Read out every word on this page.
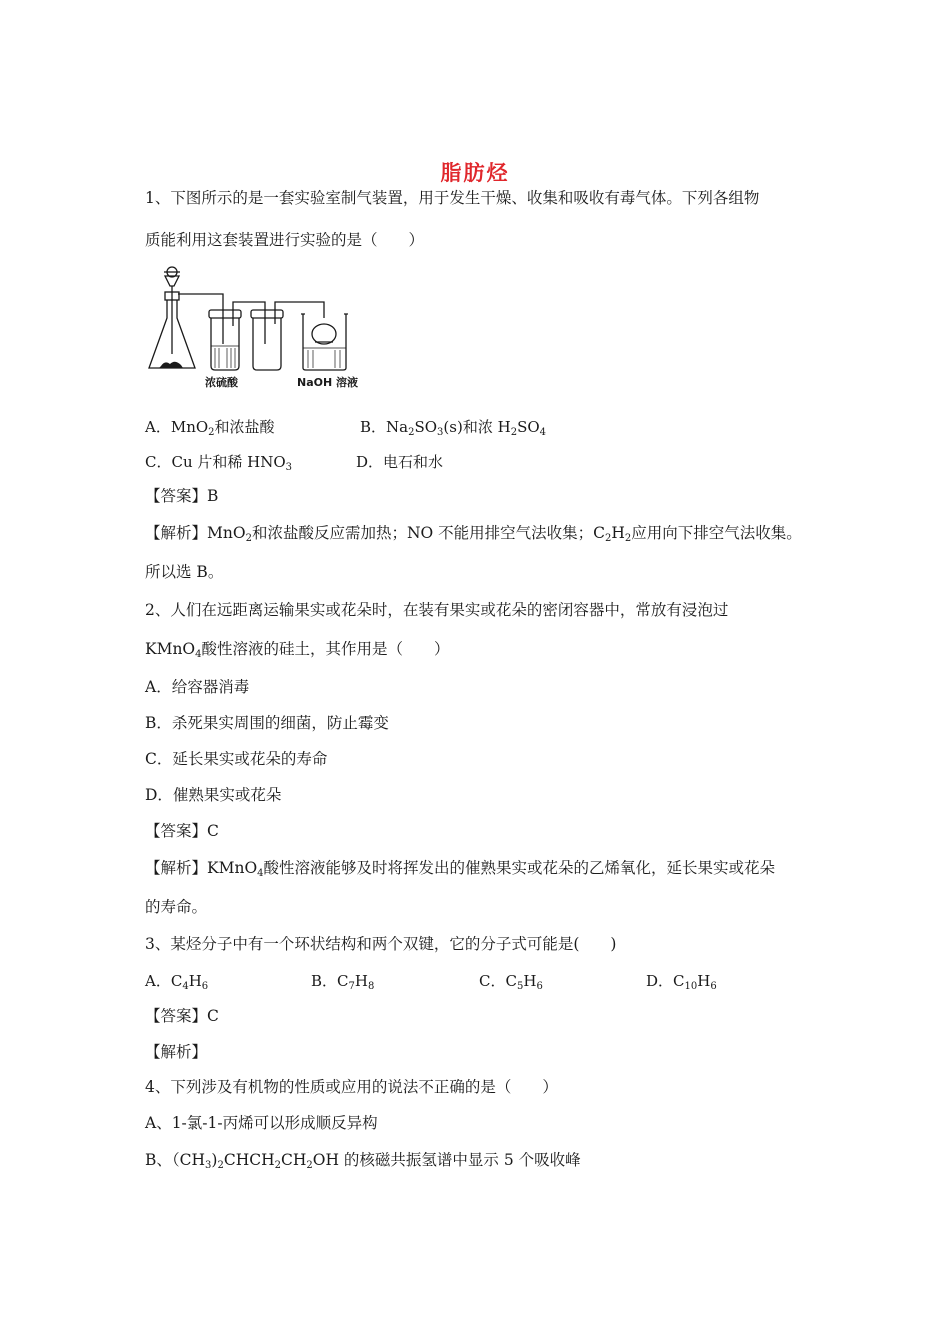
脂肪烃
1、下图所示的是一套实验室制气装置，用于发生干燥、收集和吸收有毒气体。下列各组物
质能利用这套装置进行实验的是（　　）
浓硫酸	NaOH 溶液
A．MnO$_2$和浓盐酸	B．$Na_2SO_3(s)$和浓 $H_2SO_4$
C．Cu 片和稀 $HNO_3$	D．电石和水
【答案】B
【解析】MnO$_2$和浓盐酸反应需加热；NO 不能用排空气法收集；$C_2H_2$应用向下排空气法收集。
所以选 B。
2、人们在远距离运输果实或花朵时，在装有果实或花朵的密闭容器中，常放有浸泡过
KMnO$_4$酸性溶液的硅土，其作用是（　　）
A．给容器消毒
B．杀死果实周围的细菌，防止霉变
C．延长果实或花朵的寿命
D．催熟果实或花朵
【答案】C
【解析】KMnO$_4$酸性溶液能够及时将挥发出的催熟果实或花朵的乙烯氧化，延长果实或花朵
的寿命。
3、某烃分子中有一个环状结构和两个双键，它的分子式可能是(　　)
A．$C_4H_6$	B．$C_7H_8$	C．$C_5H_6$	D．$C_{10}H_6$
【答案】C
【解析】
4、下列涉及有机物的性质或应用的说法不正确的是（　　）
A、1-氯-1-丙烯可以形成顺反异构
B、$(CH_3)_2CHCH_2CH_2OH$ 的核磁共振氢谱中显示 5 个吸收峰
